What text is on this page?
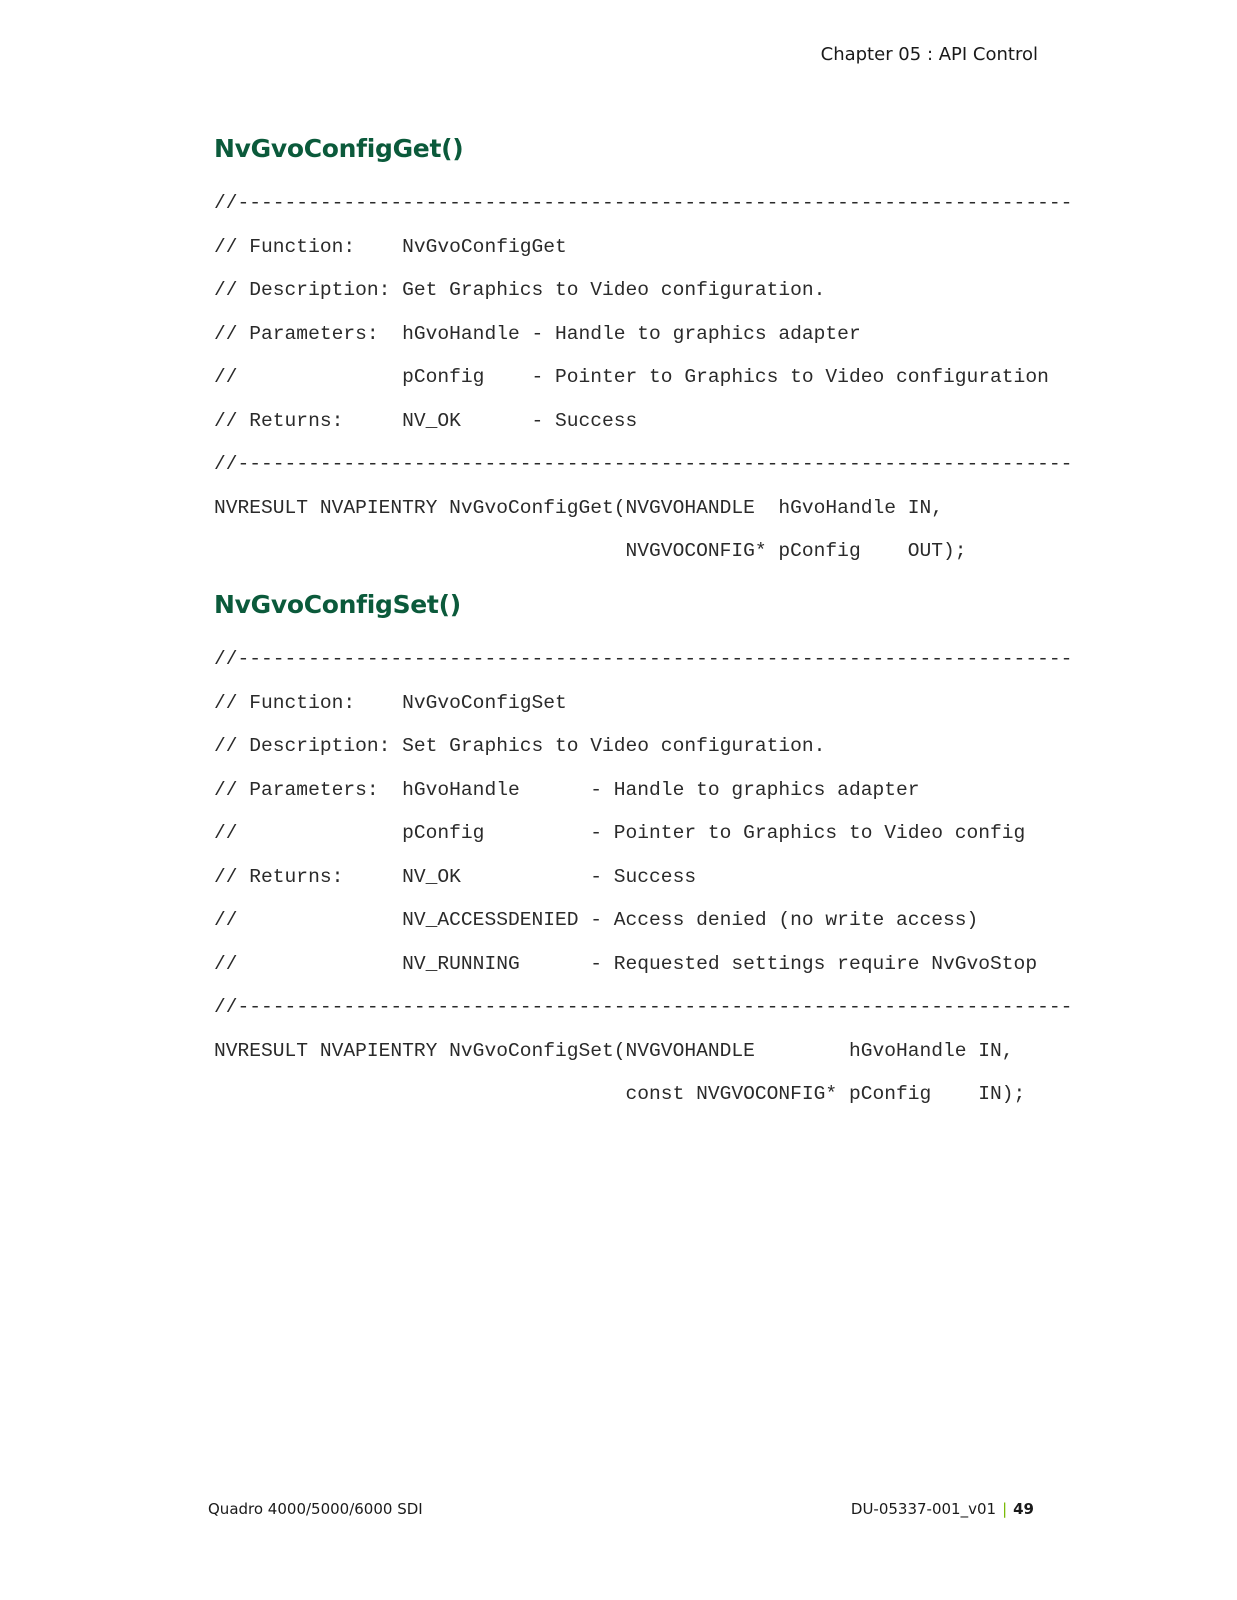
Chapter 05 : API Control
NvGvoConfigGet()
//-----------------------------------------------------------------------
// Function:    NvGvoConfigGet
// Description: Get Graphics to Video configuration.
// Parameters:  hGvoHandle - Handle to graphics adapter
//              pConfig    - Pointer to Graphics to Video configuration
// Returns:     NV_OK      - Success
//-----------------------------------------------------------------------
NVRESULT NVAPIENTRY NvGvoConfigGet(NVGVOHANDLE  hGvoHandle IN,
NVGVOCONFIG* pConfig    OUT);
NvGvoConfigSet()
//-----------------------------------------------------------------------
// Function:    NvGvoConfigSet
// Description: Set Graphics to Video configuration.
// Parameters:  hGvoHandle      - Handle to graphics adapter
//              pConfig         - Pointer to Graphics to Video config
// Returns:     NV_OK           - Success
//              NV_ACCESSDENIED - Access denied (no write access)
//              NV_RUNNING      - Requested settings require NvGvoStop
//-----------------------------------------------------------------------
NVRESULT NVAPIENTRY NvGvoConfigSet(NVGVOHANDLE        hGvoHandle IN,
const NVGVOCONFIG* pConfig    IN);
Quadro 4000/5000/6000 SDI	DU-05337-001_v01 | 49
